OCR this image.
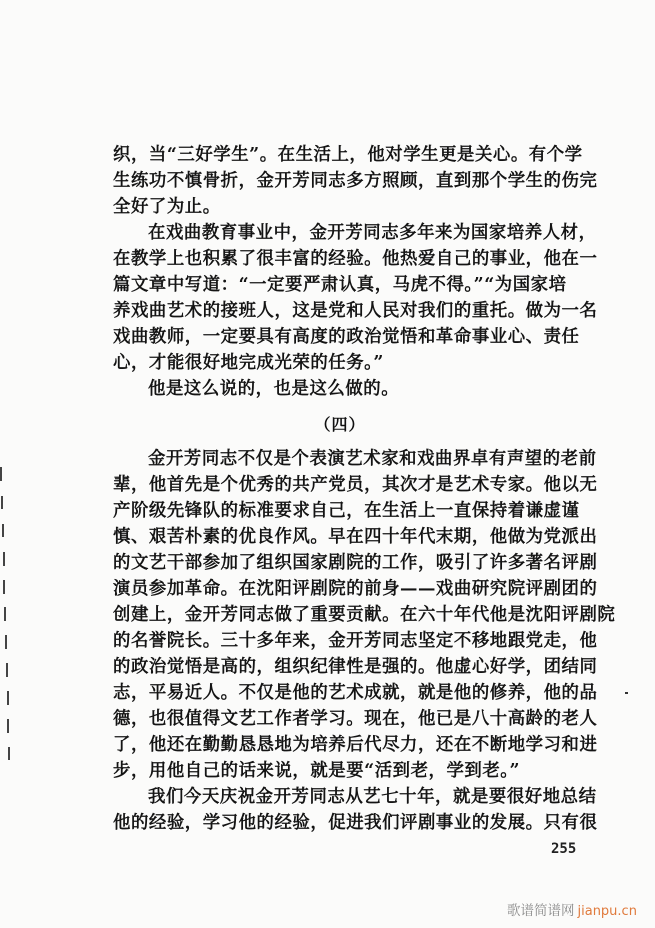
织，当“三好学生”。在生活上，他对学生更是关心。有个学
生练功不慎骨折，金开芳同志多方照顾，直到那个学生的伤完
全好了为止。
在戏曲教育事业中，金开芳同志多年来为国家培养人材，
在教学上也积累了很丰富的经验。他热爱自己的事业，他在一
篇文章中写道：“一定要严肃认真，马虎不得。”“为国家培
养戏曲艺术的接班人，这是党和人民对我们的重托。做为一名
戏曲教师，一定要具有高度的政治觉悟和革命事业心、责任
心，才能很好地完成光荣的任务。”
他是这么说的，也是这么做的。
（四）
金开芳同志不仅是个表演艺术家和戏曲界卓有声望的老前
辈，他首先是个优秀的共产党员，其次才是艺术专家。他以无
产阶级先锋队的标准要求自己，在生活上一直保持着谦虚谨
慎、艰苦朴素的优良作风。早在四十年代末期，他做为党派出
的文艺干部参加了组织国家剧院的工作，吸引了许多著名评剧
演员参加革命。在沈阳评剧院的前身——戏曲研究院评剧团的
创建上，金开芳同志做了重要贡献。在六十年代他是沈阳评剧院
的名誉院长。三十多年来，金开芳同志坚定不移地跟党走，他
的政治觉悟是高的，组织纪律性是强的。他虚心好学，团结同
志，平易近人。不仅是他的艺术成就，就是他的修养，他的品
德，也很值得文艺工作者学习。现在，他已是八十高龄的老人
了，他还在勤勤恳恳地为培养后代尽力，还在不断地学习和进
步，用他自己的话来说，就是要“活到老，学到老。”
我们今天庆祝金开芳同志从艺七十年，就是要很好地总结
他的经验，学习他的经验，促进我们评剧事业的发展。只有很
255
歌谱简谱网 jianpu.cn
